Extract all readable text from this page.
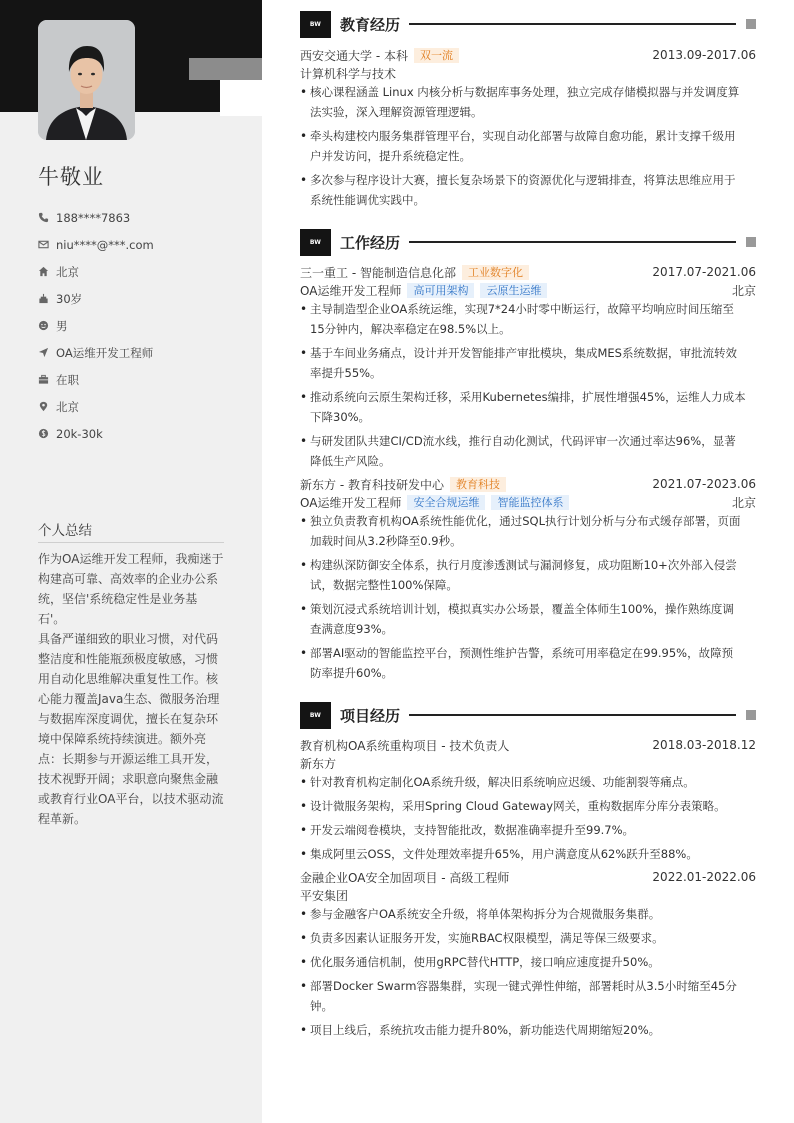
牛敬业
188****7863
niu****@***.com
北京
30岁
男
OA运维开发工程师
在职
北京
20k-30k
个人总结
作为OA运维开发工程师，我痴迷于
构建高可靠、高效率的企业办公系
统，坚信'系统稳定性是业务基石'。
具备严谨细致的职业习惯，对代码
整洁度和性能瓶颈极度敏感，习惯
用自动化思维解决重复性工作。核
心能力覆盖Java生态、微服务治理
与数据库深度调优，擅长在复杂环
境中保障系统持续演进。额外亮
点：长期参与开源运维工具开发，
技术视野开阔；求职意向聚焦金融
或教育行业OA平台，以技术驱动流
程革新。
BW	教育经历
西安交通大学 - 本科	双一流	2013.09-2017.06
计算机科学与技术
• 核心课程涵盖 Linux 内核分析与数据库事务处理，独立完成存储模拟器与并发调度算
法实验，深入理解资源管理逻辑。
• 牵头构建校内服务集群管理平台，实现自动化部署与故障自愈功能，累计支撑千级用
户并发访问，提升系统稳定性。
• 多次参与程序设计大赛，擅长复杂场景下的资源优化与逻辑排查，将算法思维应用于
系统性能调优实践中。
BW	工作经历
三一重工 - 智能制造信息化部	工业数字化	2017.07-2021.06
OA运维开发工程师	高可用架构	云原生运维	北京
• 主导制造型企业OA系统运维，实现7*24小时零中断运行，故障平均响应时间压缩至
15分钟内，解决率稳定在98.5%以上。
• 基于车间业务痛点，设计并开发智能排产审批模块，集成MES系统数据，审批流转效
率提升55%。
• 推动系统向云原生架构迁移，采用Kubernetes编排，扩展性增强45%，运维人力成本
下降30%。
• 与研发团队共建CI/CD流水线，推行自动化测试，代码评审一次通过率达96%，显著
降低生产风险。
新东方 - 教育科技研发中心	教育科技	2021.07-2023.06
OA运维开发工程师	安全合规运维	智能监控体系	北京
• 独立负责教育机构OA系统性能优化，通过SQL执行计划分析与分布式缓存部署，页面
加载时间从3.2秒降至0.9秒。
• 构建纵深防御安全体系，执行月度渗透测试与漏洞修复，成功阻断10+次外部入侵尝
试，数据完整性100%保障。
• 策划沉浸式系统培训计划，模拟真实办公场景，覆盖全体师生100%，操作熟练度调
查满意度93%。
• 部署AI驱动的智能监控平台，预测性维护告警，系统可用率稳定在99.95%，故障预
防率提升60%。
BW	项目经历
教育机构OA系统重构项目 - 技术负责人	2018.03-2018.12
新东方
• 针对教育机构定制化OA系统升级，解决旧系统响应迟缓、功能割裂等痛点。
• 设计微服务架构，采用Spring Cloud Gateway网关，重构数据库分库分表策略。
• 开发云端阅卷模块，支持智能批改，数据准确率提升至99.7%。
• 集成阿里云OSS，文件处理效率提升65%，用户满意度从62%跃升至88%。
金融企业OA安全加固项目 - 高级工程师	2022.01-2022.06
平安集团
• 参与金融客户OA系统安全升级，将单体架构拆分为合规微服务集群。
• 负责多因素认证服务开发，实施RBAC权限模型，满足等保三级要求。
• 优化服务通信机制，使用gRPC替代HTTP，接口响应速度提升50%。
• 部署Docker Swarm容器集群，实现一键式弹性伸缩，部署耗时从3.5小时缩至45分
钟。
• 项目上线后，系统抗攻击能力提升80%，新功能迭代周期缩短20%。
